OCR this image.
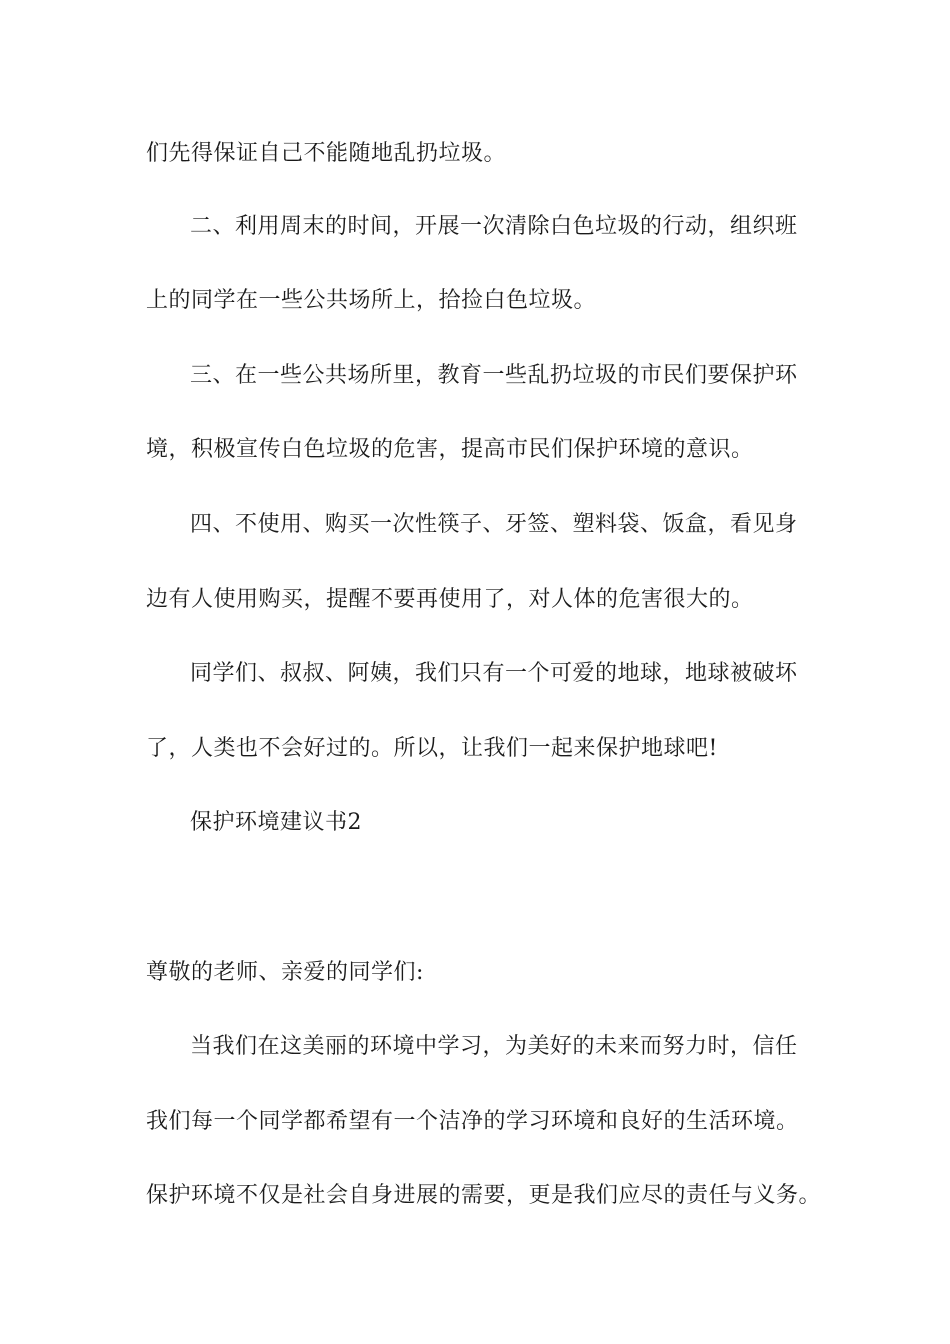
们先得保证自己不能随地乱扔垃圾。
二、利用周末的时间，开展一次清除白色垃圾的行动，组织班
上的同学在一些公共场所上，拾捡白色垃圾。
三、在一些公共场所里，教育一些乱扔垃圾的市民们要保护环
境，积极宣传白色垃圾的危害，提高市民们保护环境的意识。
四、不使用、购买一次性筷子、牙签、塑料袋、饭盒，看见身
边有人使用购买，提醒不要再使用了，对人体的危害很大的。
同学们、叔叔、阿姨，我们只有一个可爱的地球，地球被破坏
了，人类也不会好过的。所以，让我们一起来保护地球吧!
保护环境建议书2
尊敬的老师、亲爱的同学们:
当我们在这美丽的环境中学习，为美好的未来而努力时，信任
我们每一个同学都希望有一个洁净的学习环境和良好的生活环境。
保护环境不仅是社会自身进展的需要，更是我们应尽的责任与义务。
